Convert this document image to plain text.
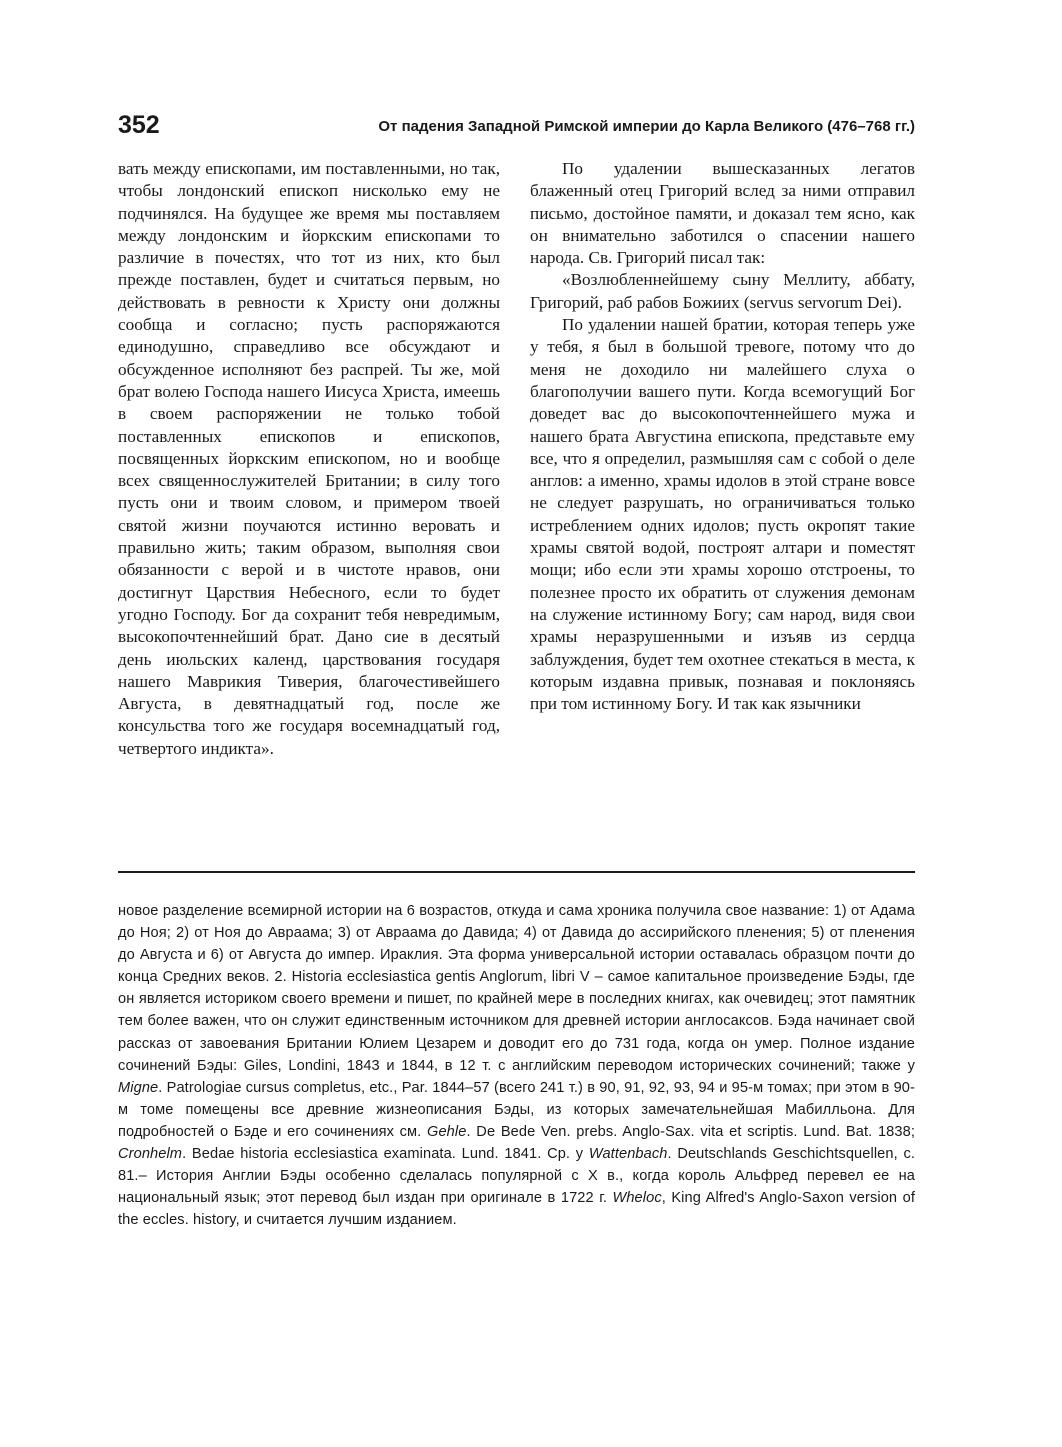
352	От падения Западной Римской империи до Карла Великого (476–768 гг.)

вать между епископами, им поставленными, но так, чтобы лондонский епископ нисколько ему не подчинялся. На будущее же время мы поставляем между лондонским и йоркским епископами то различие в почестях, что тот из них, кто был прежде поставлен, будет и считаться первым, но действовать в ревности к Христу они должны сообща и согласно; пусть распоряжаются единодушно, справедливо все обсуждают и обсужденное исполняют без распрей. Ты же, мой брат волею Господа нашего Иисуса Христа, имеешь в своем распоряжении не только тобой поставленных епископов и епископов, посвященных йоркским епископом, но и вообще всех священнослужителей Британии; в силу того пусть они и твоим словом, и примером твоей святой жизни поучаются истинно веровать и правильно жить; таким образом, выполняя свои обязанности с верой и в чистоте нравов, они достигнут Царствия Небесного, если то будет угодно Господу. Бог да сохранит тебя невредимым, высокопочтеннейший брат. Дано сие в десятый день июльских календ, царствования государя нашего Маврикия Тиверия, благочестивейшего Августа, в девятнадцатый год, после же консульства того же государя восемнадцатый год, четвертого индикта».

По удалении вышесказанных легатов блаженный отец Григорий вслед за ними отправил письмо, достойное памяти, и доказал тем ясно, как он внимательно заботился о спасении нашего народа. Св. Григорий писал так:

«Возлюбленнейшему сыну Меллиту, аббату, Григорий, раб рабов Божиих (servus servorum Dei).

По удалении нашей братии, которая теперь уже у тебя, я был в большой тревоге, потому что до меня не доходило ни малейшего слуха о благополучии вашего пути. Когда всемогущий Бог доведет вас до высокопочтеннейшего мужа и нашего брата Августина епископа, представьте ему все, что я определил, размышляя сам с собой о деле англов: а именно, храмы идолов в этой стране вовсе не следует разрушать, но ограничиваться только истреблением одних идолов; пусть окропят такие храмы святой водой, построят алтари и поместят мощи; ибо если эти храмы хорошо отстроены, то полезнее просто их обратить от служения демонам на служение истинному Богу; сам народ, видя свои храмы неразрушенными и изъяв из сердца заблуждения, будет тем охотнее стекаться в места, к которым издавна привык, познавая и поклоняясь при том истинному Богу. И так как язычники

новое разделение всемирной истории на 6 возрастов, откуда и сама хроника получила свое название: 1) от Адама до Ноя; 2) от Ноя до Авраама; 3) от Авраама до Давида; 4) от Давида до ассирийского пленения; 5) от пленения до Августа и 6) от Августа до импер. Ираклия. Эта форма универсальной истории оставалась образцом почти до конца Средних веков. 2. Historia ecclesiastica gentis Anglorum, libri V – самое капитальное произведение Бэды, где он является историком своего времени и пишет, по крайней мере в последних книгах, как очевидец; этот памятник тем более важен, что он служит единственным источником для древней истории англосаксов. Бэда начинает свой рассказ от завоевания Британии Юлием Цезарем и доводит его до 731 года, когда он умер. Полное издание сочинений Бэды: Giles, Londini, 1843 и 1844, в 12 т. с английским переводом исторических сочинений; также у Migne. Patrologiae cursus completus, etc., Par. 1844–57 (всего 241 т.) в 90, 91, 92, 93, 94 и 95-м томах; при этом в 90-м томе помещены все древние жизнеописания Бэды, из которых замечательнейшая Мабилльона. Для подробностей о Бэде и его сочинениях см. Gehle. De Bede Ven. prebs. Anglo-Sax. vita et scriptis. Lund. Bat. 1838; Cronhelm. Bedae historia ecclesiastica examinata. Lund. 1841. Ср. у Wattenbach. Deutschlands Geschichtsquellen, с. 81.– История Англии Бэды особенно сделалась популярной с X в., когда король Альфред перевел ее на национальный язык; этот перевод был издан при оригинале в 1722 г. Wheloc, King Alfred's Anglo-Saxon version of the eccles. history, и считается лучшим изданием.
